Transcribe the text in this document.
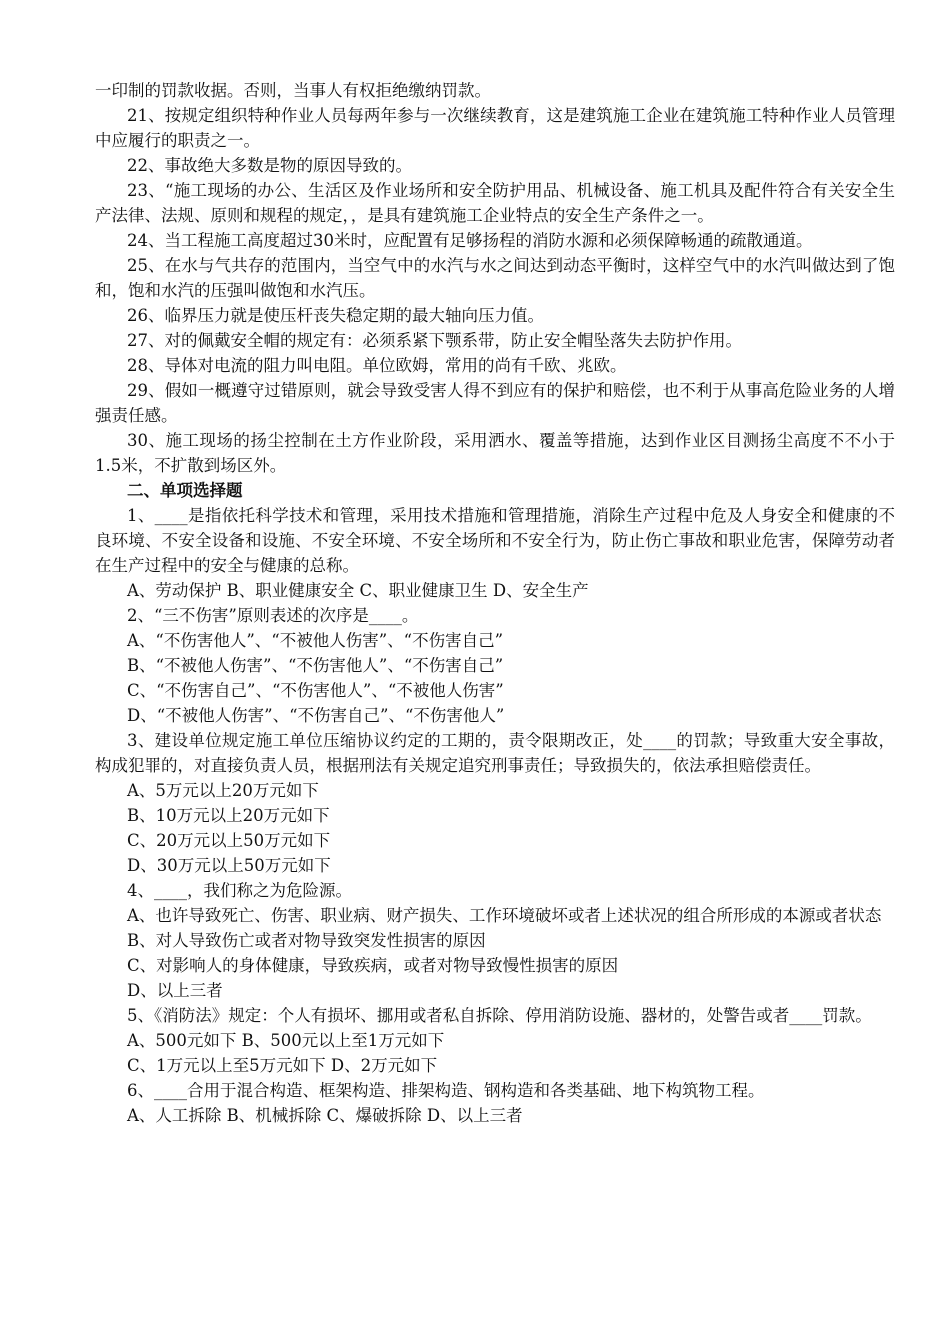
一印制的罚款收据。否则，当事人有权拒绝缴纳罚款。

21、按规定组织特种作业人员每两年参与一次继续教育，这是建筑施工企业在建筑施工特种作业人员管理中应履行的职责之一。

22、事故绝大多数是物的原因导致的。

23、“施工现场的办公、生活区及作业场所和安全防护用品、机械设备、施工机具及配件符合有关安全生产法律、法规、原则和规程的规定，，是具有建筑施工企业特点的安全生产条件之一。

24、当工程施工高度超过30米时，应配置有足够扬程的消防水源和必须保障畅通的疏散通道。

25、在水与气共存的范围内，当空气中的水汽与水之间达到动态平衡时，这样空气中的水汽叫做达到了饱和，饱和水汽的压强叫做饱和水汽压。

26、临界压力就是使压杆丧失稳定期的最大轴向压力值。

27、对的佩戴安全帽的规定有：必须系紧下颚系带，防止安全帽坠落失去防护作用。

28、导体对电流的阻力叫电阻。单位欧姆，常用的尚有千欧、兆欧。

29、假如一概遵守过错原则，就会导致受害人得不到应有的保护和赔偿，也不利于从事高危险业务的人增强责任感。

30、施工现场的扬尘控制在土方作业阶段，采用洒水、覆盖等措施，达到作业区目测扬尘高度不不小于1.5米，不扩散到场区外。

二、单项选择题

1、____是指依托科学技术和管理，采用技术措施和管理措施，消除生产过程中危及人身安全和健康的不良环境、不安全设备和设施、不安全环境、不安全场所和不安全行为，防止伤亡事故和职业危害，保障劳动者在生产过程中的安全与健康的总称。

A、劳动保护 B、职业健康安全 C、职业健康卫生 D、安全生产

2、“三不伤害”原则表述的次序是____。

A、“不伤害他人”、“不被他人伤害”、“不伤害自己”

B、“不被他人伤害”、“不伤害他人”、“不伤害自己”

C、“不伤害自己”、“不伤害他人”、“不被他人伤害”

D、“不被他人伤害”、“不伤害自己”、“不伤害他人”

3、建设单位规定施工单位压缩协议约定的工期的，责令限期改正，处____的罚款；导致重大安全事故，构成犯罪的，对直接负责人员，根据刑法有关规定追究刑事责任；导致损失的，依法承担赔偿责任。

A、5万元以上20万元如下

B、10万元以上20万元如下

C、20万元以上50万元如下

D、30万元以上50万元如下

4、____，我们称之为危险源。

A、也许导致死亡、伤害、职业病、财产损失、工作环境破坏或者上述状况的组合所形成的本源或者状态

B、对人导致伤亡或者对物导致突发性损害的原因

C、对影响人的身体健康，导致疾病，或者对物导致慢性损害的原因

D、以上三者

5、《消防法》规定：个人有损坏、挪用或者私自拆除、停用消防设施、器材的，处警告或者____罚款。

A、500元如下 B、500元以上至1万元如下

C、1万元以上至5万元如下 D、2万元如下

6、____合用于混合构造、框架构造、排架构造、钢构造和各类基础、地下构筑物工程。

A、人工拆除 B、机械拆除 C、爆破拆除 D、以上三者
